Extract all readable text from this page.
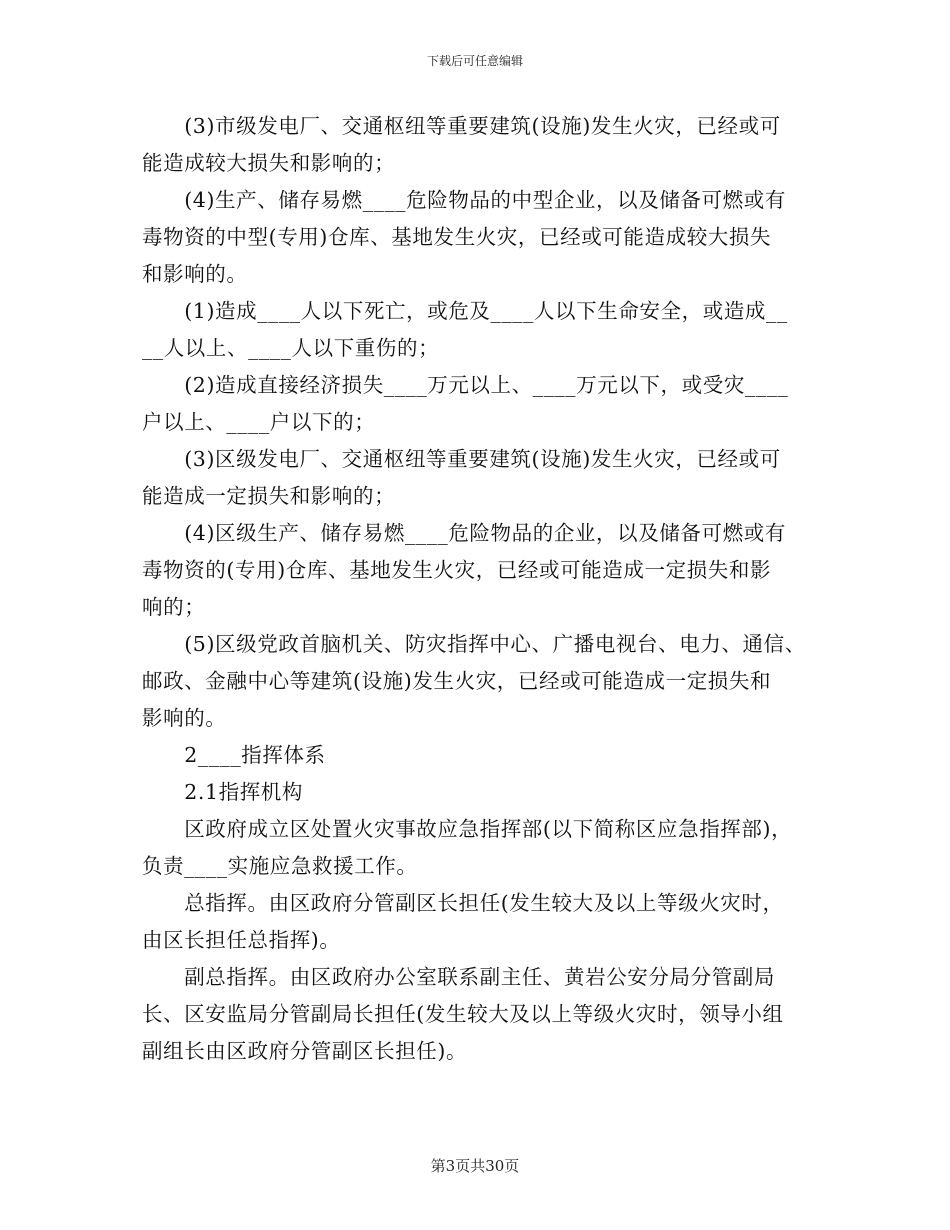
下载后可任意编辑

　　(3)市级发电厂、交通枢纽等重要建筑(设施)发生火灾，已经或可

能造成较大损失和影响的；

　　(4)生产、储存易燃____危险物品的中型企业，以及储备可燃或有

毒物资的中型(专用)仓库、基地发生火灾，已经或可能造成较大损失

和影响的。

　　(1)造成____人以下死亡，或危及____人以下生命安全，或造成__

__人以上、____人以下重伤的；

　　(2)造成直接经济损失____万元以上、____万元以下，或受灾____

户以上、____户以下的；

　　(3)区级发电厂、交通枢纽等重要建筑(设施)发生火灾，已经或可

能造成一定损失和影响的；

　　(4)区级生产、储存易燃____危险物品的企业，以及储备可燃或有

毒物资的(专用)仓库、基地发生火灾，已经或可能造成一定损失和影

响的；

　　(5)区级党政首脑机关、防灾指挥中心、广播电视台、电力、通信、

邮政、金融中心等建筑(设施)发生火灾，已经或可能造成一定损失和

影响的。

　　2____指挥体系

　　2.1指挥机构

　　区政府成立区处置火灾事故应急指挥部(以下简称区应急指挥部)，

负责____实施应急救援工作。

　　总指挥。由区政府分管副区长担任(发生较大及以上等级火灾时，

由区长担任总指挥)。

　　副总指挥。由区政府办公室联系副主任、黄岩公安分局分管副局

长、区安监局分管副局长担任(发生较大及以上等级火灾时，领导小组

副组长由区政府分管副区长担任)。

第3页共30页
